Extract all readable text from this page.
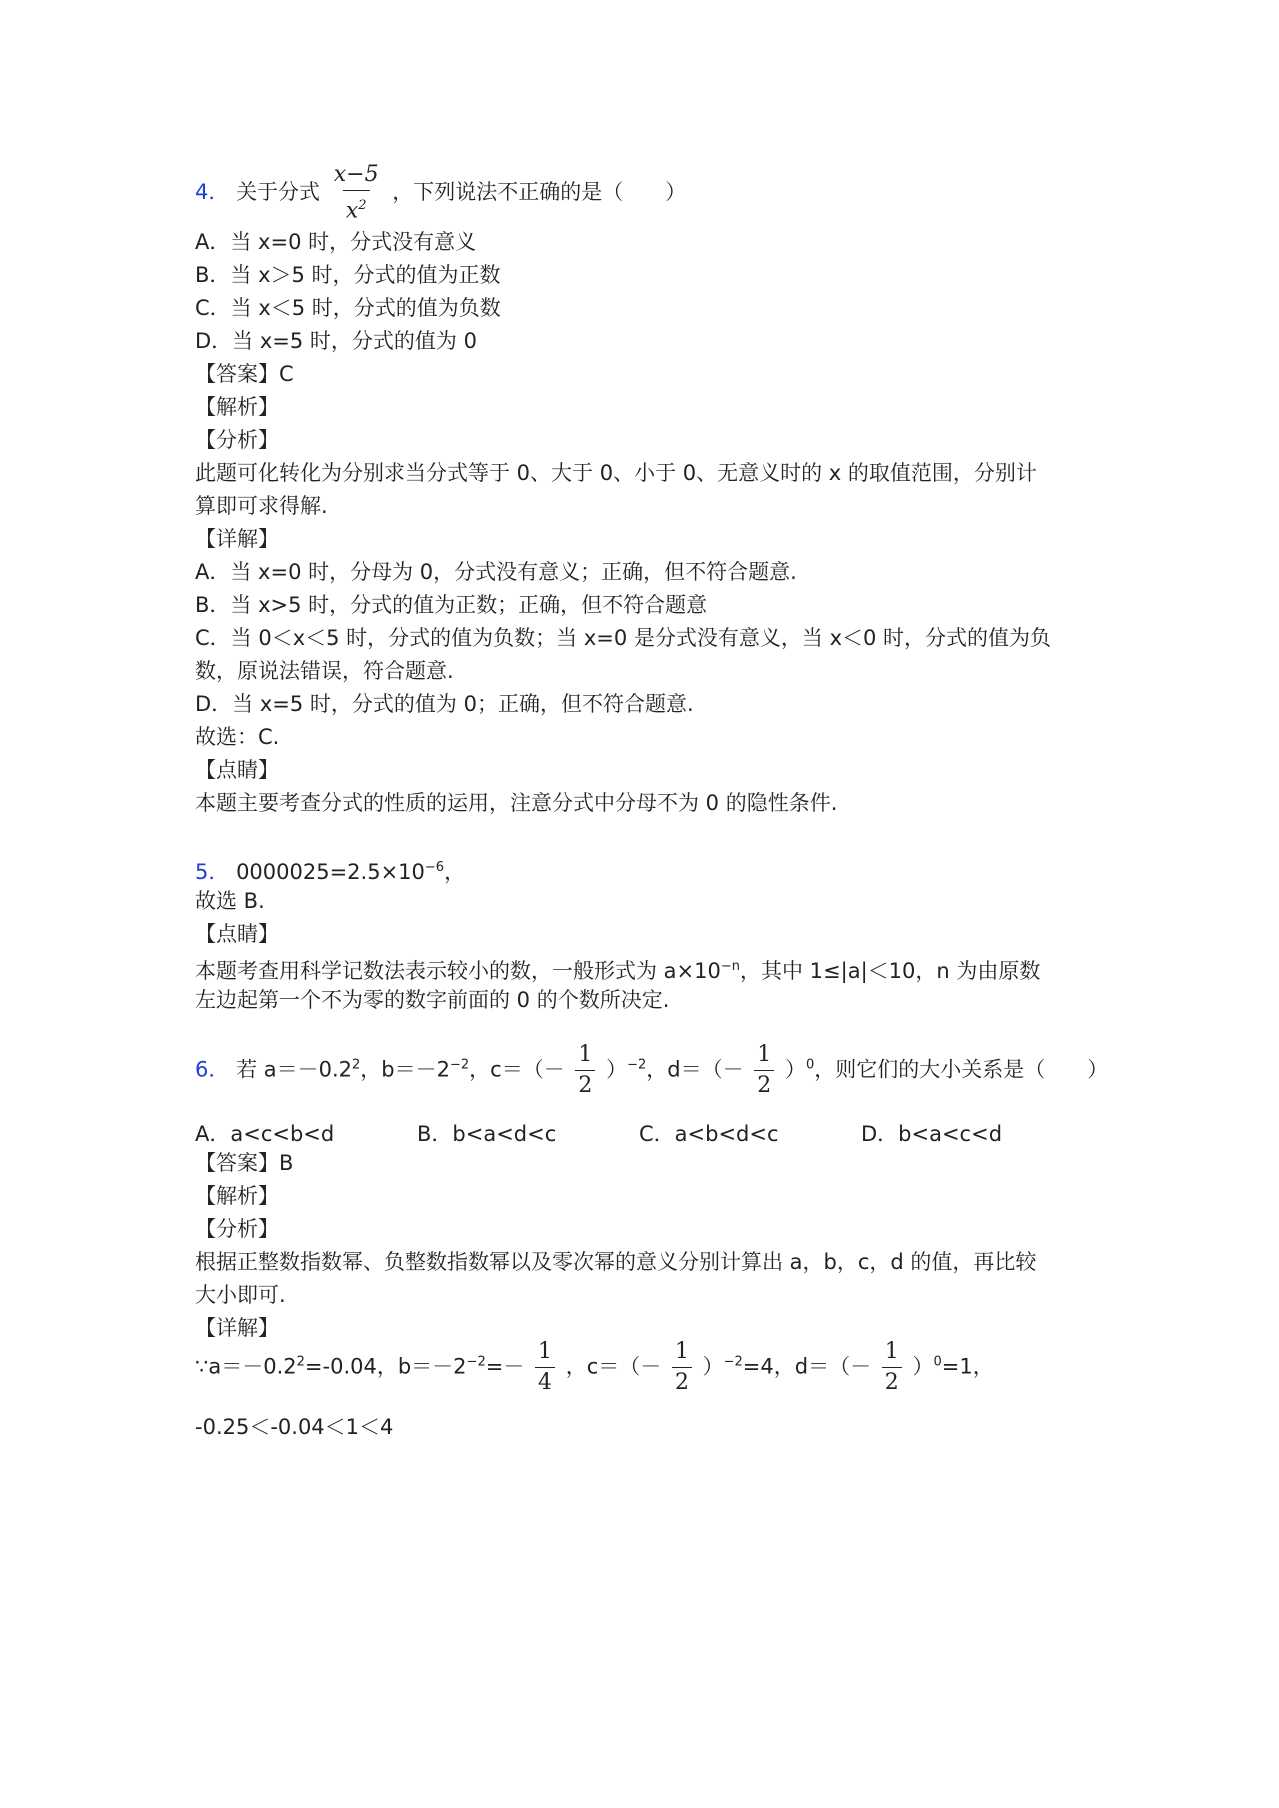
4． 关于分式 $\frac{x-5}{x^2}$ ，下列说法不正确的是（　　）
A．当 x=0 时，分式没有意义
B．当 x＞5 时，分式的值为正数
C．当 x＜5 时，分式的值为负数
D．当 x=5 时，分式的值为 0
【答案】C
【解析】
【分析】
此题可化转化为分别求当分式等于 0、大于 0、小于 0、无意义时的 x 的取值范围，分别计
算即可求得解.
【详解】
A．当 x=0 时，分母为 0，分式没有意义；正确，但不符合题意.
B．当 x>5 时，分式的值为正数；正确，但不符合题意
C．当 0＜x＜5 时，分式的值为负数；当 x=0 是分式没有意义，当 x＜0 时，分式的值为负
数，原说法错误，符合题意.
D．当 x=5 时，分式的值为 0；正确，但不符合题意.
故选：C.
【点睛】
本题主要考查分式的性质的运用，注意分式中分母不为 0 的隐性条件.
5． $0000025=2.5\times 10^{-6}$，
故选 B.
【点睛】
本题考查用科学记数法表示较小的数，一般形式为 $a\times 10^{-n}$，其中 1≤|a|＜10，n 为由原数
左边起第一个不为零的数字前面的 0 的个数所决定.
6． 若 $a=-0.2^2$，$b=-2^{-2}$，$c=(- \frac{1}{2} )^{-2}$，$d=(- \frac{1}{2} )^0$，则它们的大小关系是（　　）
A．a<c<b<d	B．b<a<d<c	C．a<b<d<c	D．b<a<c<d
【答案】B
【解析】
【分析】
根据正整数指数幂、负整数指数幂以及零次幂的意义分别计算出 a，b，c，d 的值，再比较
大小即可.
【详解】
$\because a=-0.2^2=-0.04$，$b=-2^{-2}=- \frac{1}{4}$ ，$c=(- \frac{1}{2} )^{-2}=4$，$d=(- \frac{1}{2} )^0=1$，
-0.25＜-0.04＜1＜4
